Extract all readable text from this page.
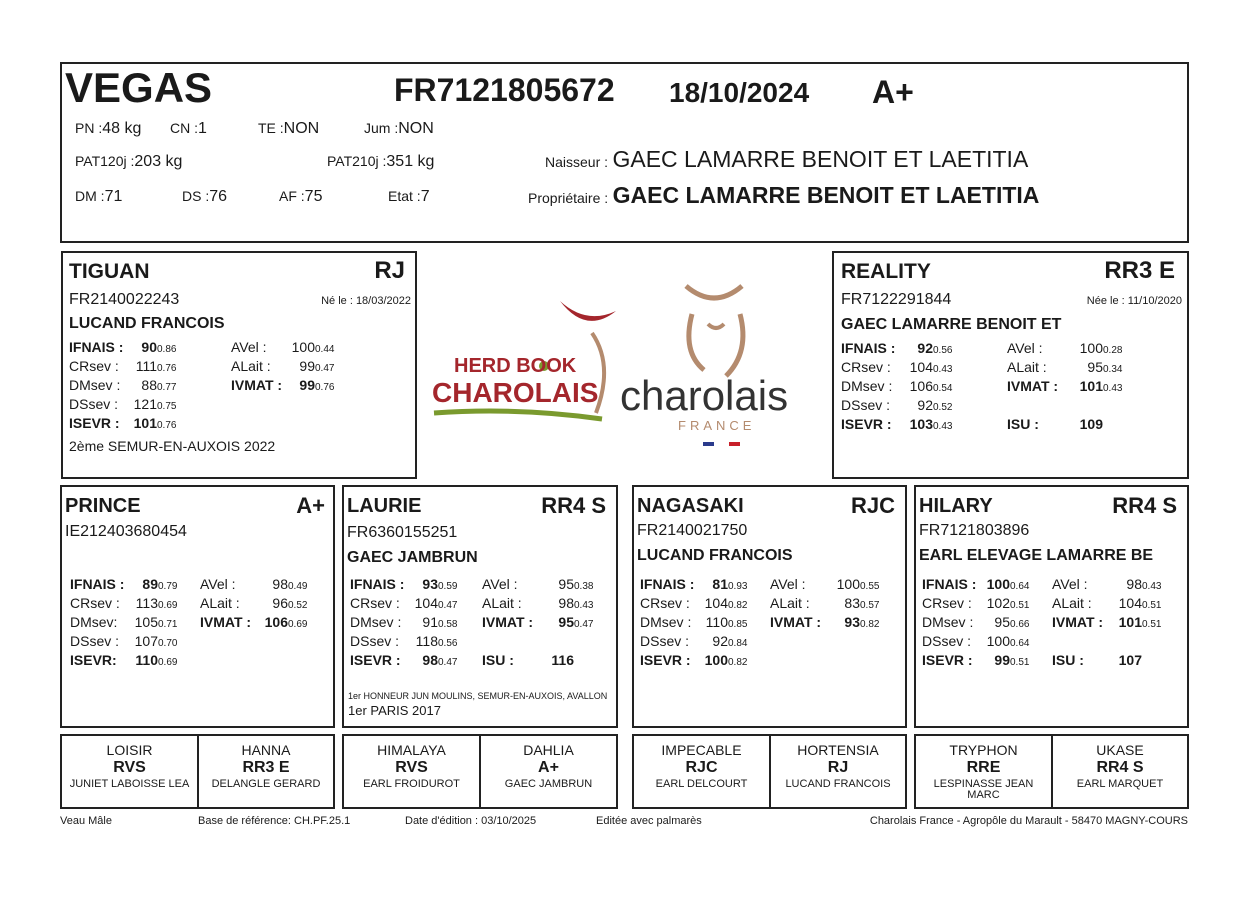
VEGAS	FR7121805672 18/10/2024 A+
PN :48 kg CN :1	TE :NON	Jum :NON
PAT120j :203 kg	PAT210j :351 kg
DM :71	DS :76	AF :75	Etat :7
Naisseur : GAEC LAMARRE BENOIT ET LAETITIA
Propriétaire : GAEC LAMARRE BENOIT ET LAETITIA
TIGUAN	RJ
FR2140022243	Né le : 18/03/2022
LUCAND FRANCOIS
IFNAIS :	90	0.86	AVel :	100	0.44
CRsev :	111	0.76	ALait :	99	0.47
DMsev :	88	0.77	IVMAT :	99	0.76
DSsev :	121	0.75			
ISEVR :	101	0.76			
2ème SEMUR-EN-AUXOIS 2022
HERD BOOK
CHAROLAIS charolais
FRANCE
REALITY	RR3 E
FR7122291844	Née le : 11/10/2020
GAEC LAMARRE BENOIT ET
IFNAIS :	92	0.56	AVel :	100	0.28
CRsev :	104	0.43	ALait :	95	0.34
DMsev :	106	0.54	IVMAT :	101	0.43
DSsev :	92	0.52			
ISEVR :	103	0.43	ISU :	109	
PRINCE	A+
IE212403680454
IFNAIS :	89	0.79	AVel :	98	0.49
CRsev :	113	0.69	ALait :	96	0.52
DMsev:	105	0.71	IVMAT :	106	0.69
DSsev :	107	0.70			
ISEVR:	110	0.69			
LAURIE	RR4 S
FR6360155251
GAEC JAMBRUN
IFNAIS :	93	0.59	AVel :	95	0.38
CRsev :	104	0.47	ALait :	98	0.43
DMsev :	91	0.58	IVMAT :	95	0.47
DSsev :	118	0.56			
ISEVR :	98	0.47	ISU :	116	
1er HONNEUR JUN MOULINS, SEMUR-EN-AUXOIS, AVALLON
1er PARIS 2017
NAGASAKI	RJC
FR2140021750
LUCAND FRANCOIS
IFNAIS :	81	0.93	AVel :	100	0.55
CRsev :	104	0.82	ALait :	83	0.57
DMsev :	110	0.85	IVMAT :	93	0.82
DSsev :	92	0.84			
ISEVR :	100	0.82			
HILARY	RR4 S
FR7121803896
EARL ELEVAGE LAMARRE BE
IFNAIS :	100	0.64	AVel :	98	0.43
CRsev :	102	0.51	ALait :	104	0.51
DMsev :	95	0.66	IVMAT :	101	0.51
DSsev :	100	0.64			
ISEVR :	99	0.51	ISU :	107	
LOISIR
RVS
JUNIET LABOISSE LEA
HANNA
RR3 E
DELANGLE GERARD
HIMALAYA
RVS
EARL FROIDUROT
DAHLIA
A+
GAEC JAMBRUN
IMPECABLE
RJC
EARL DELCOURT
HORTENSIA
RJ
LUCAND FRANCOIS
TRYPHON
RRE
LESPINASSE JEAN MARC
UKASE
RR4 S
EARL MARQUET
Veau Mâle	Base de référence: CH.PF.25.1	Date d'édition : 03/10/2025	Editée avec palmarès	Charolais France - Agropôle du Marault - 58470 MAGNY-COURS
